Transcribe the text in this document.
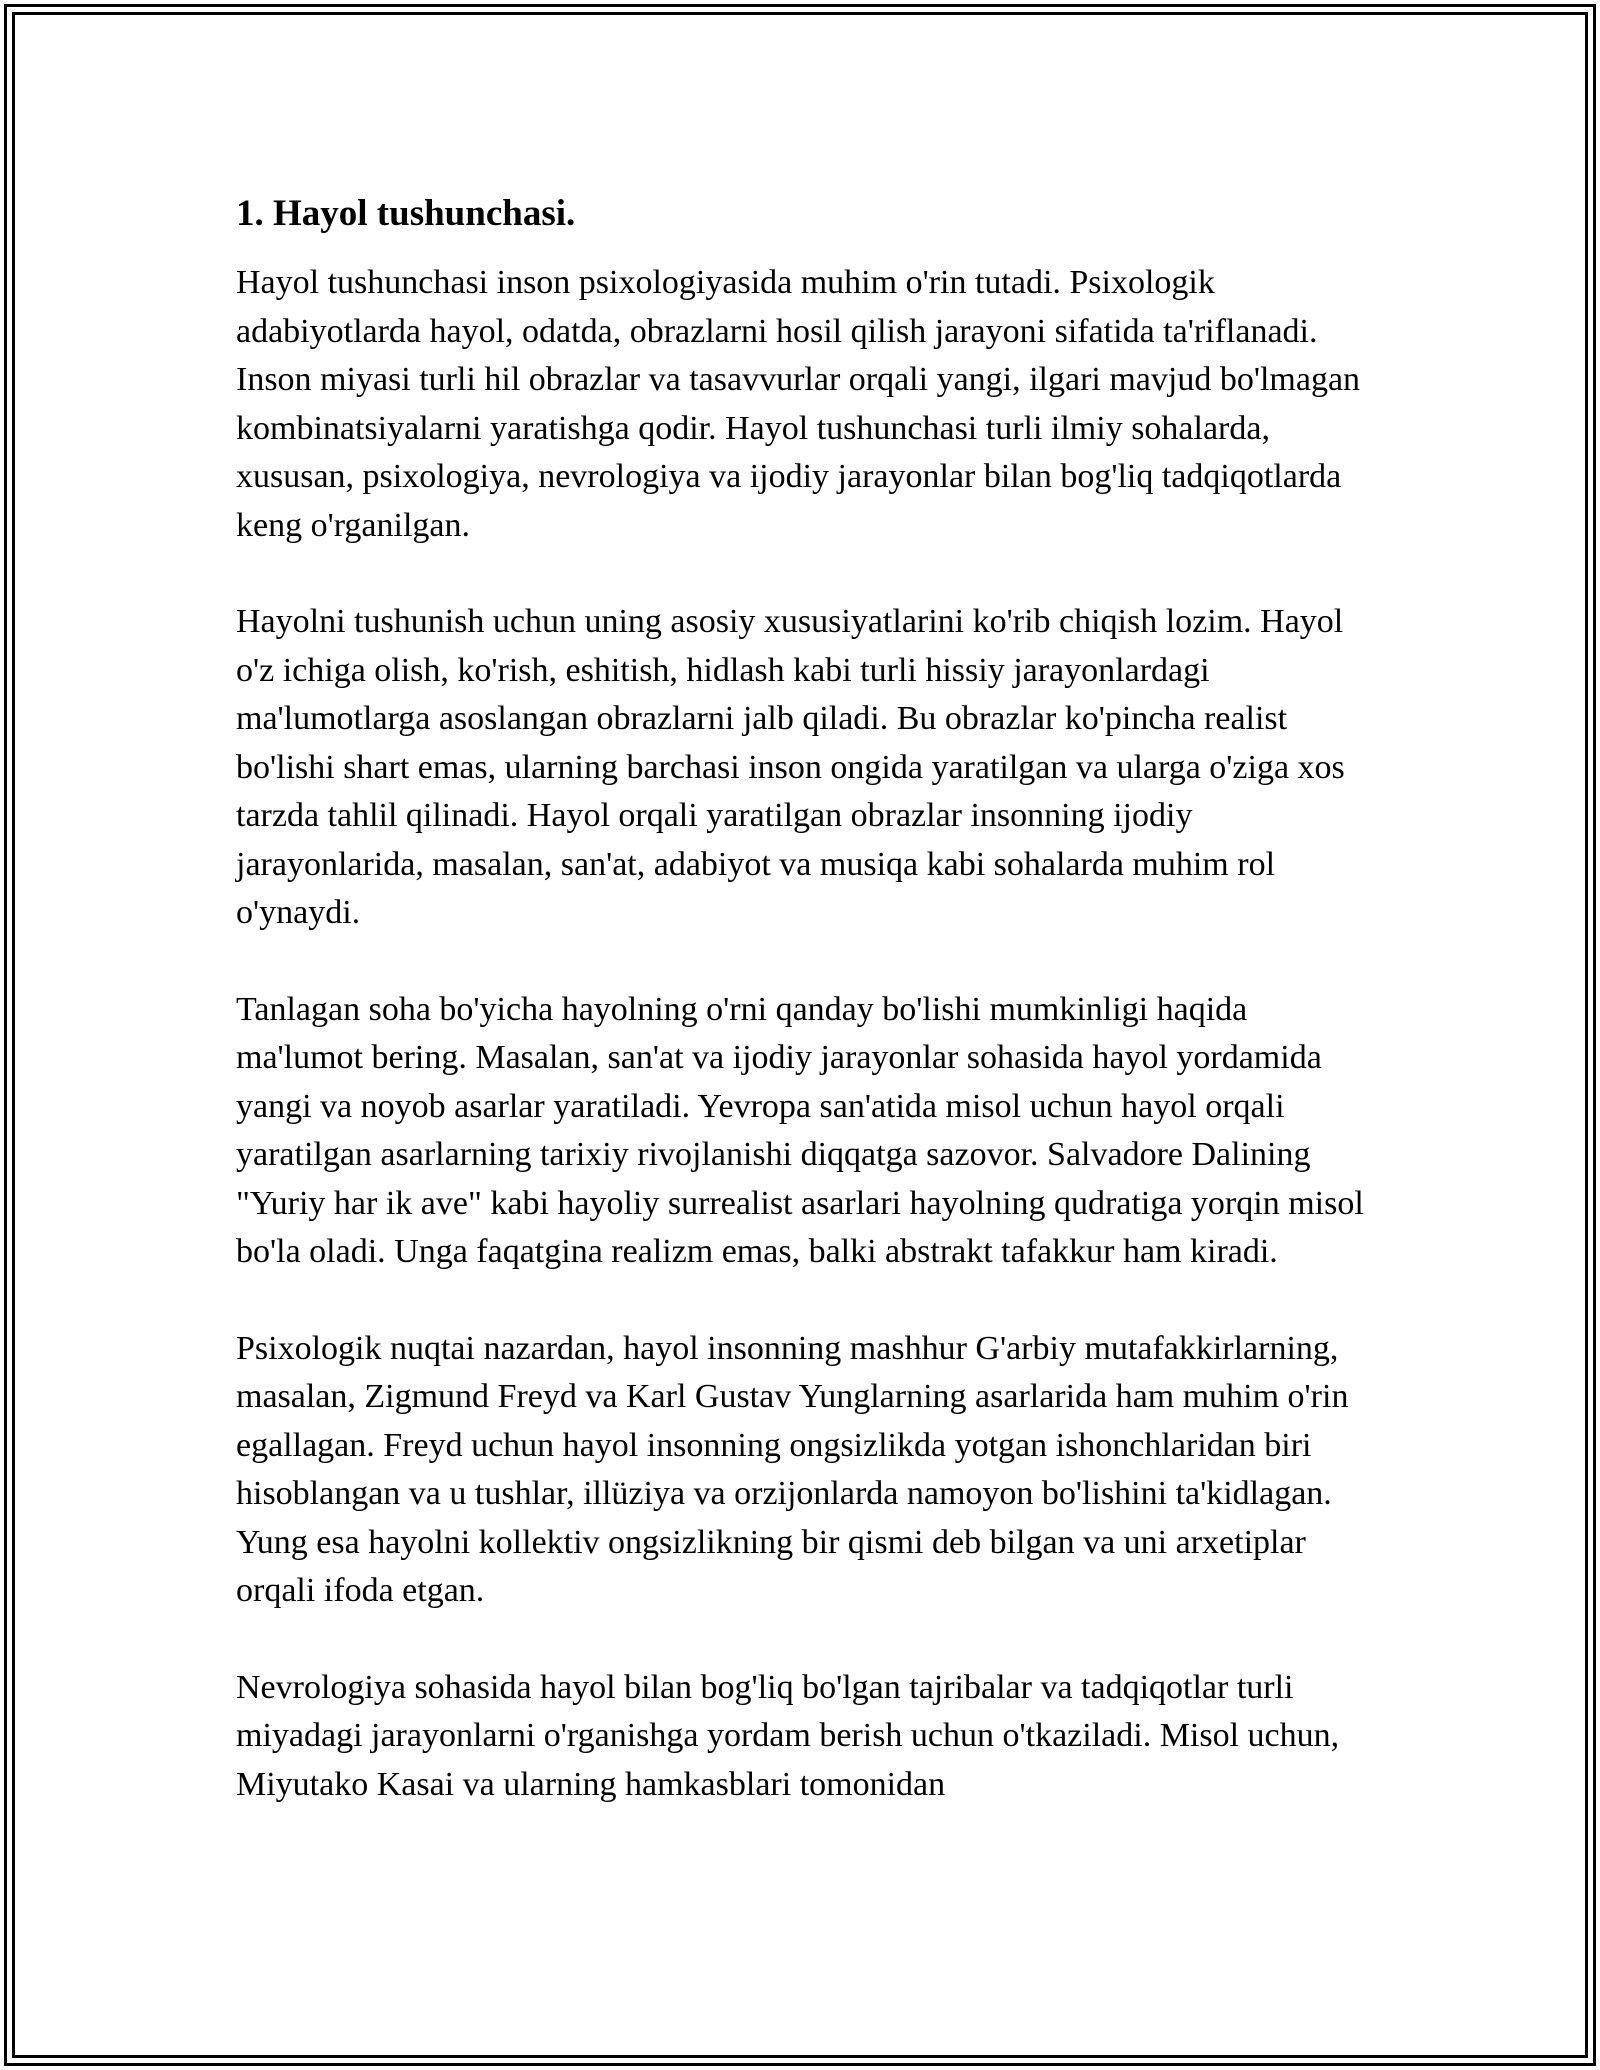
1. Hayol tushunchasi.

Hayol tushunchasi inson psixologiyasida muhim o'rin tutadi. Psixologik adabiyotlarda hayol, odatda, obrazlarni hosil qilish jarayoni sifatida ta'riflanadi. Inson miyasi turli hil obrazlar va tasavvurlar orqali yangi, ilgari mavjud bo'lmagan kombinatsiyalarni yaratishga qodir. Hayol tushunchasi turli ilmiy sohalarda, xususan, psixologiya, nevrologiya va ijodiy jarayonlar bilan bog'liq tadqiqotlarda keng o'rganilgan.

Hayolni tushunish uchun uning asosiy xususiyatlarini ko'rib chiqish lozim. Hayol o'z ichiga olish, ko'rish, eshitish, hidlash kabi turli hissiy jarayonlardagi ma'lumotlarga asoslangan obrazlarni jalb qiladi. Bu obrazlar ko'pincha realist bo'lishi shart emas, ularning barchasi inson ongida yaratilgan va ularga o'ziga xos tarzda tahlil qilinadi. Hayol orqali yaratilgan obrazlar insonning ijodiy jarayonlarida, masalan, san'at, adabiyot va musiqa kabi sohalarda muhim rol o'ynaydi.

Tanlagan soha bo'yicha hayolning o'rni qanday bo'lishi mumkinligi haqida ma'lumot bering. Masalan, san'at va ijodiy jarayonlar sohasida hayol yordamida yangi va noyob asarlar yaratiladi. Yevropa san'atida misol uchun hayol orqali yaratilgan asarlarning tarixiy rivojlanishi diqqatga sazovor. Salvadore Dalining "Yuriy har ik ave" kabi hayoliy surrealist asarlari hayolning qudratiga yorqin misol bo'la oladi. Unga faqatgina realizm emas, balki abstrakt tafakkur ham kiradi.

Psixologik nuqtai nazardan, hayol insonning mashhur G'arbiy mutafakkirlarning, masalan, Zigmund Freyd va Karl Gustav Yunglarning asarlarida ham muhim o'rin egallagan. Freyd uchun hayol insonning ongsizlikda yotgan ishonchlaridan biri hisoblangan va u tushlar, illüziya va orzijonlarda namoyon bo'lishini ta'kidlagan. Yung esa hayolni kollektiv ongsizlikning bir qismi deb bilgan va uni arxetiplar orqali ifoda etgan.

Nevrologiya sohasida hayol bilan bog'liq bo'lgan tajribalar va tadqiqotlar turli miyadagi jarayonlarni o'rganishga yordam berish uchun o'tkaziladi. Misol uchun, Miyutako Kasai va ularning hamkasblari tomonidan
